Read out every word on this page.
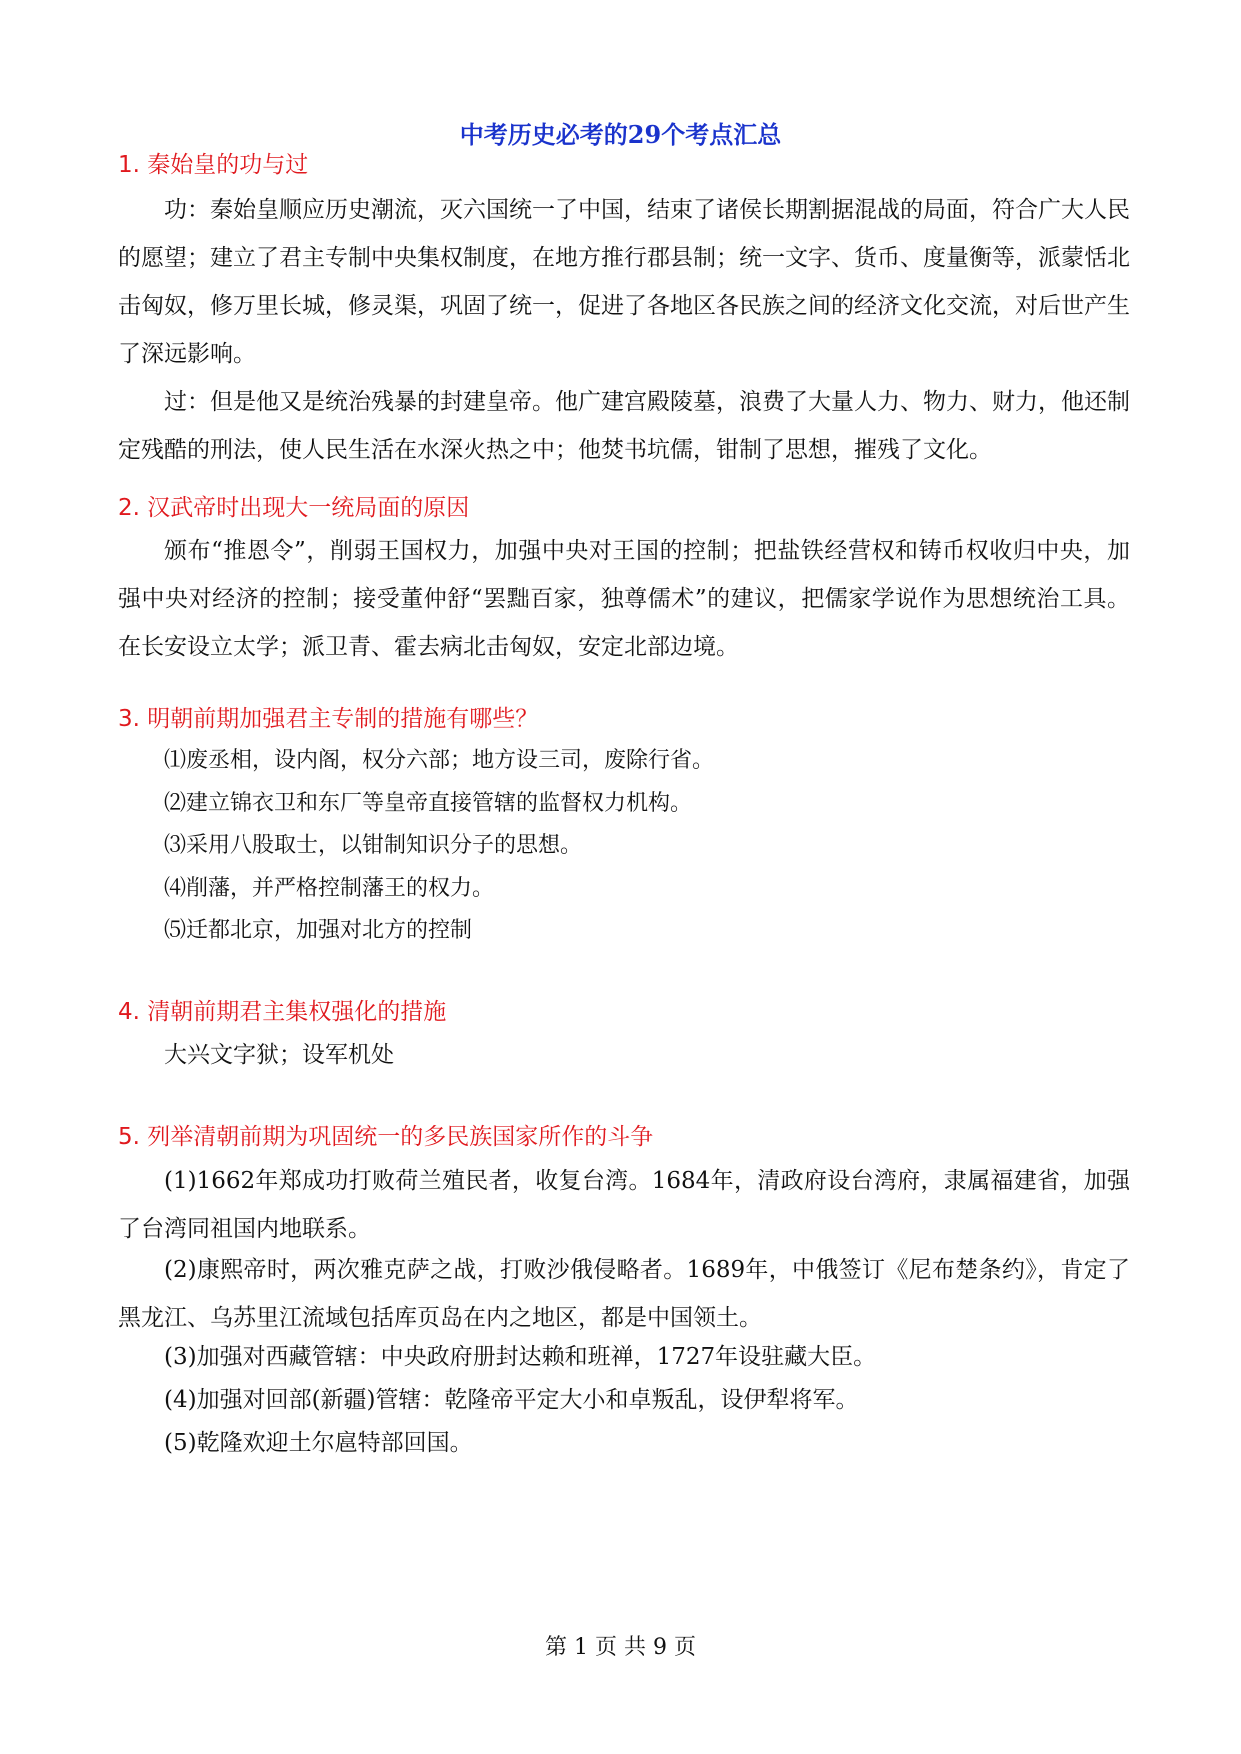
中考历史必考的29个考点汇总
1. 秦始皇的功与过

功：秦始皇顺应历史潮流，灭六国统一了中国，结束了诸侯长期割据混战的局面，符合广大人民的愿望；建立了君主专制中央集权制度，在地方推行郡县制；统一文字、货币、度量衡等，派蒙恬北击匈奴，修万里长城，修灵渠，巩固了统一，促进了各地区各民族之间的经济文化交流，对后世产生了深远影响。

过：但是他又是统治残暴的封建皇帝。他广建宫殿陵墓，浪费了大量人力、物力、财力，他还制定残酷的刑法，使人民生活在水深火热之中；他焚书坑儒，钳制了思想，摧残了文化。

2. 汉武帝时出现大一统局面的原因

颁布“推恩令”，削弱王国权力，加强中央对王国的控制；把盐铁经营权和铸币权收归中央，加强中央对经济的控制；接受董仲舒“罢黜百家，独尊儒术”的建议，把儒家学说作为思想统治工具。在长安设立太学；派卫青、霍去病北击匈奴，安定北部边境。

3. 明朝前期加强君主专制的措施有哪些？

⑴废丞相，设内阁，权分六部；地方设三司，废除行省。

⑵建立锦衣卫和东厂等皇帝直接管辖的监督权力机构。

⑶采用八股取士，以钳制知识分子的思想。

⑷削藩，并严格控制藩王的权力。

⑸迁都北京，加强对北方的控制

4. 清朝前期君主集权强化的措施

大兴文字狱；设军机处

5. 列举清朝前期为巩固统一的多民族国家所作的斗争

(1)1662年郑成功打败荷兰殖民者，收复台湾。1684年，清政府设台湾府，隶属福建省，加强了台湾同祖国内地联系。

(2)康熙帝时，两次雅克萨之战，打败沙俄侵略者。1689年，中俄签订《尼布楚条约》，肯定了黑龙江、乌苏里江流域包括库页岛在内之地区，都是中国领土。

(3)加强对西藏管辖：中央政府册封达赖和班禅，1727年设驻藏大臣。

(4)加强对回部(新疆)管辖：乾隆帝平定大小和卓叛乱，设伊犁将军。

(5)乾隆欢迎土尔扈特部回国。

第 1 页 共 9 页
